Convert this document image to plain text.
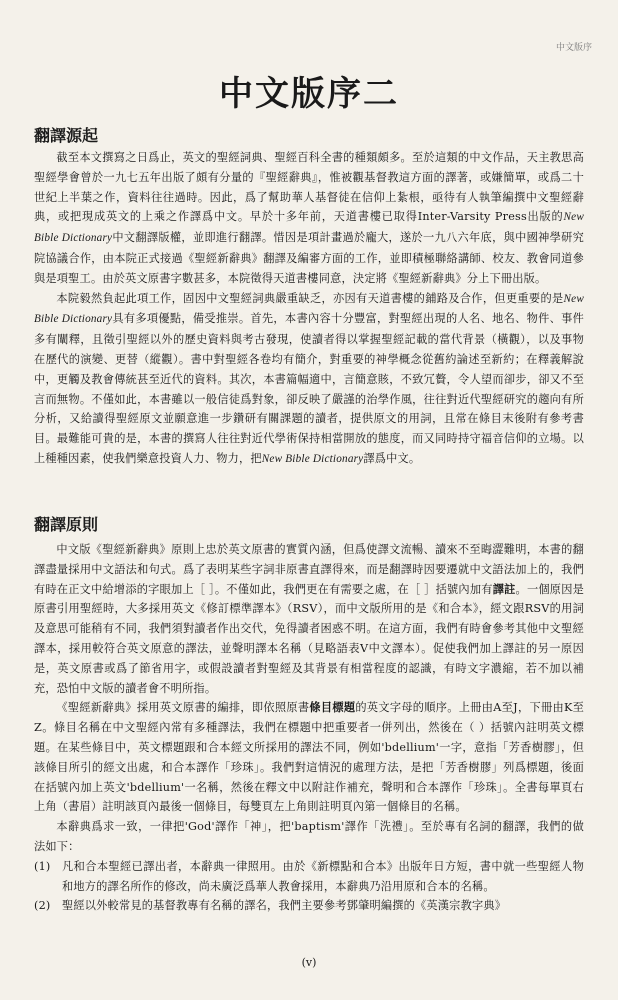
中文版序
中文版序二
翻譯源起

截至本文撰寫之日爲止，英文的聖經詞典、聖經百科全書的種類頗多。至於這類的中文作品，天主教思高聖經學會曾於一九七五年出版了頗有分量的『聖經辭典』，惟被觀基督教這方面的譯著，或嫌簡單，或爲二十世紀上半葉之作，資料往往過時。因此，爲了幫助華人基督徒在信仰上紮根，亟待有人執筆編撰中文聖經辭典，或把現成英文的上乘之作譯爲中文。早於十多年前，天道書樓已取得Inter-Varsity Press出版的New Bible Dictionary中文翻譯版權，並即進行翻譯。惜因是項計畫過於龐大，遂於一九八六年底，與中國神學研究院協議合作，由本院正式接過《聖經新辭典》翻譯及編審方面的工作，並即積極聯絡講師、校友、教會同道參與是項聖工。由於英文原書字數甚多，本院徵得天道書樓同意，決定將《聖經新辭典》分上下冊出版。

本院毅然負起此項工作，固因中文聖經詞典嚴重缺乏，亦因有天道書樓的鋪路及合作，但更重要的是New Bible Dictionary具有多項優點，備受推崇。首先，本書內容十分豐富，對聖經出現的人名、地名、物件、事件多有闡釋，且徵引聖經以外的歷史資料與考古發現，使讀者得以掌握聖經記載的當代背景（橫觀），以及事物在歷代的演變、更替（縱觀）。書中對聖經各卷均有簡介，對重要的神學概念從舊約論述至新約；在釋義解說中，更觸及教會傳統甚至近代的資料。其次，本書篇幅適中，言簡意賅，不致冗贅，令人望而卻步，卻又不至言而無物。不僅如此，本書雖以一般信徒爲對象，卻反映了嚴謹的治學作風，往往對近代聖經研究的趨向有所分析，又給讀得聖經原文並願意進一步鑽研有關課題的讀者，提供原文的用詞，且常在條目末後附有參考書目。最難能可貴的是，本書的撰寫人往往對近代學術保持相當開放的態度，而又同時持守福音信仰的立場。以上種種因素，使我們樂意投資人力、物力，把New Bible Dictionary譯爲中文。

翻譯原則

中文版《聖經新辭典》原則上忠於英文原書的實質內涵，但爲使譯文流暢、讀來不至晦澀難明，本書的翻譯盡量採用中文語法和句式。爲了表明某些字詞非原書直譯得來，而是翻譯時因要遷就中文語法加上的，我們有時在正文中給增添的字眼加上［ ］。不僅如此，我們更在有需要之處，在［ ］括號內加有譯註。一個原因是原書引用聖經時，大多採用英文《修訂標準譯本》（RSV），而中文版所用的是《和合本》，經文跟RSV的用詞及意思可能稍有不同，我們須對讀者作出交代，免得讀者困惑不明。在這方面，我們有時會參考其他中文聖經譯本，採用較符合英文原意的譯法，並聲明譯本名稱（見略語表V中文譯本）。促使我們加上譯註的另一原因是，英文原書或爲了節省用字，或假設讀者對聖經及其背景有相當程度的認識，有時文字濃縮，若不加以補充，恐怕中文版的讀者會不明所指。

《聖經新辭典》採用英文原書的編排，即依照原書條目標題的英文字母的順序。上冊由A至J，下冊由K至Z。條目名稱在中文聖經內常有多種譯法，我們在標題中把重要者一併列出，然後在（ ）括號內註明英文標題。在某些條目中，英文標題跟和合本經文所採用的譯法不同，例如'bdellium'一字，意指「芳香樹膠」，但該條目所引的經文出處，和合本譯作「珍珠」。我們對這情況的處理方法，是把「芳香樹膠」列爲標題，後面在括號內加上英文'bdellium'一名稱，然後在釋文中以附註作補充，聲明和合本譯作「珍珠」。全書每單頁右上角（書眉）註明該頁內最後一個條目，每雙頁左上角則註明頁內第一個條目的名稱。

本辭典爲求一致，一律把'God'譯作「神」，把'baptism'譯作「洗禮」。至於專有名詞的翻譯，我們的做法如下：

(1) 凡和合本聖經已譯出者，本辭典一律照用。由於《新標點和合本》出版年日方短，書中就一些聖經人物和地方的譯名所作的修改，尚未廣泛爲華人教會採用，本辭典乃沿用原和合本的名稱。
(2) 聖經以外較常見的基督教專有名稱的譯名，我們主要參考鄧肇明編撰的《英漢宗教字典》
(v)
